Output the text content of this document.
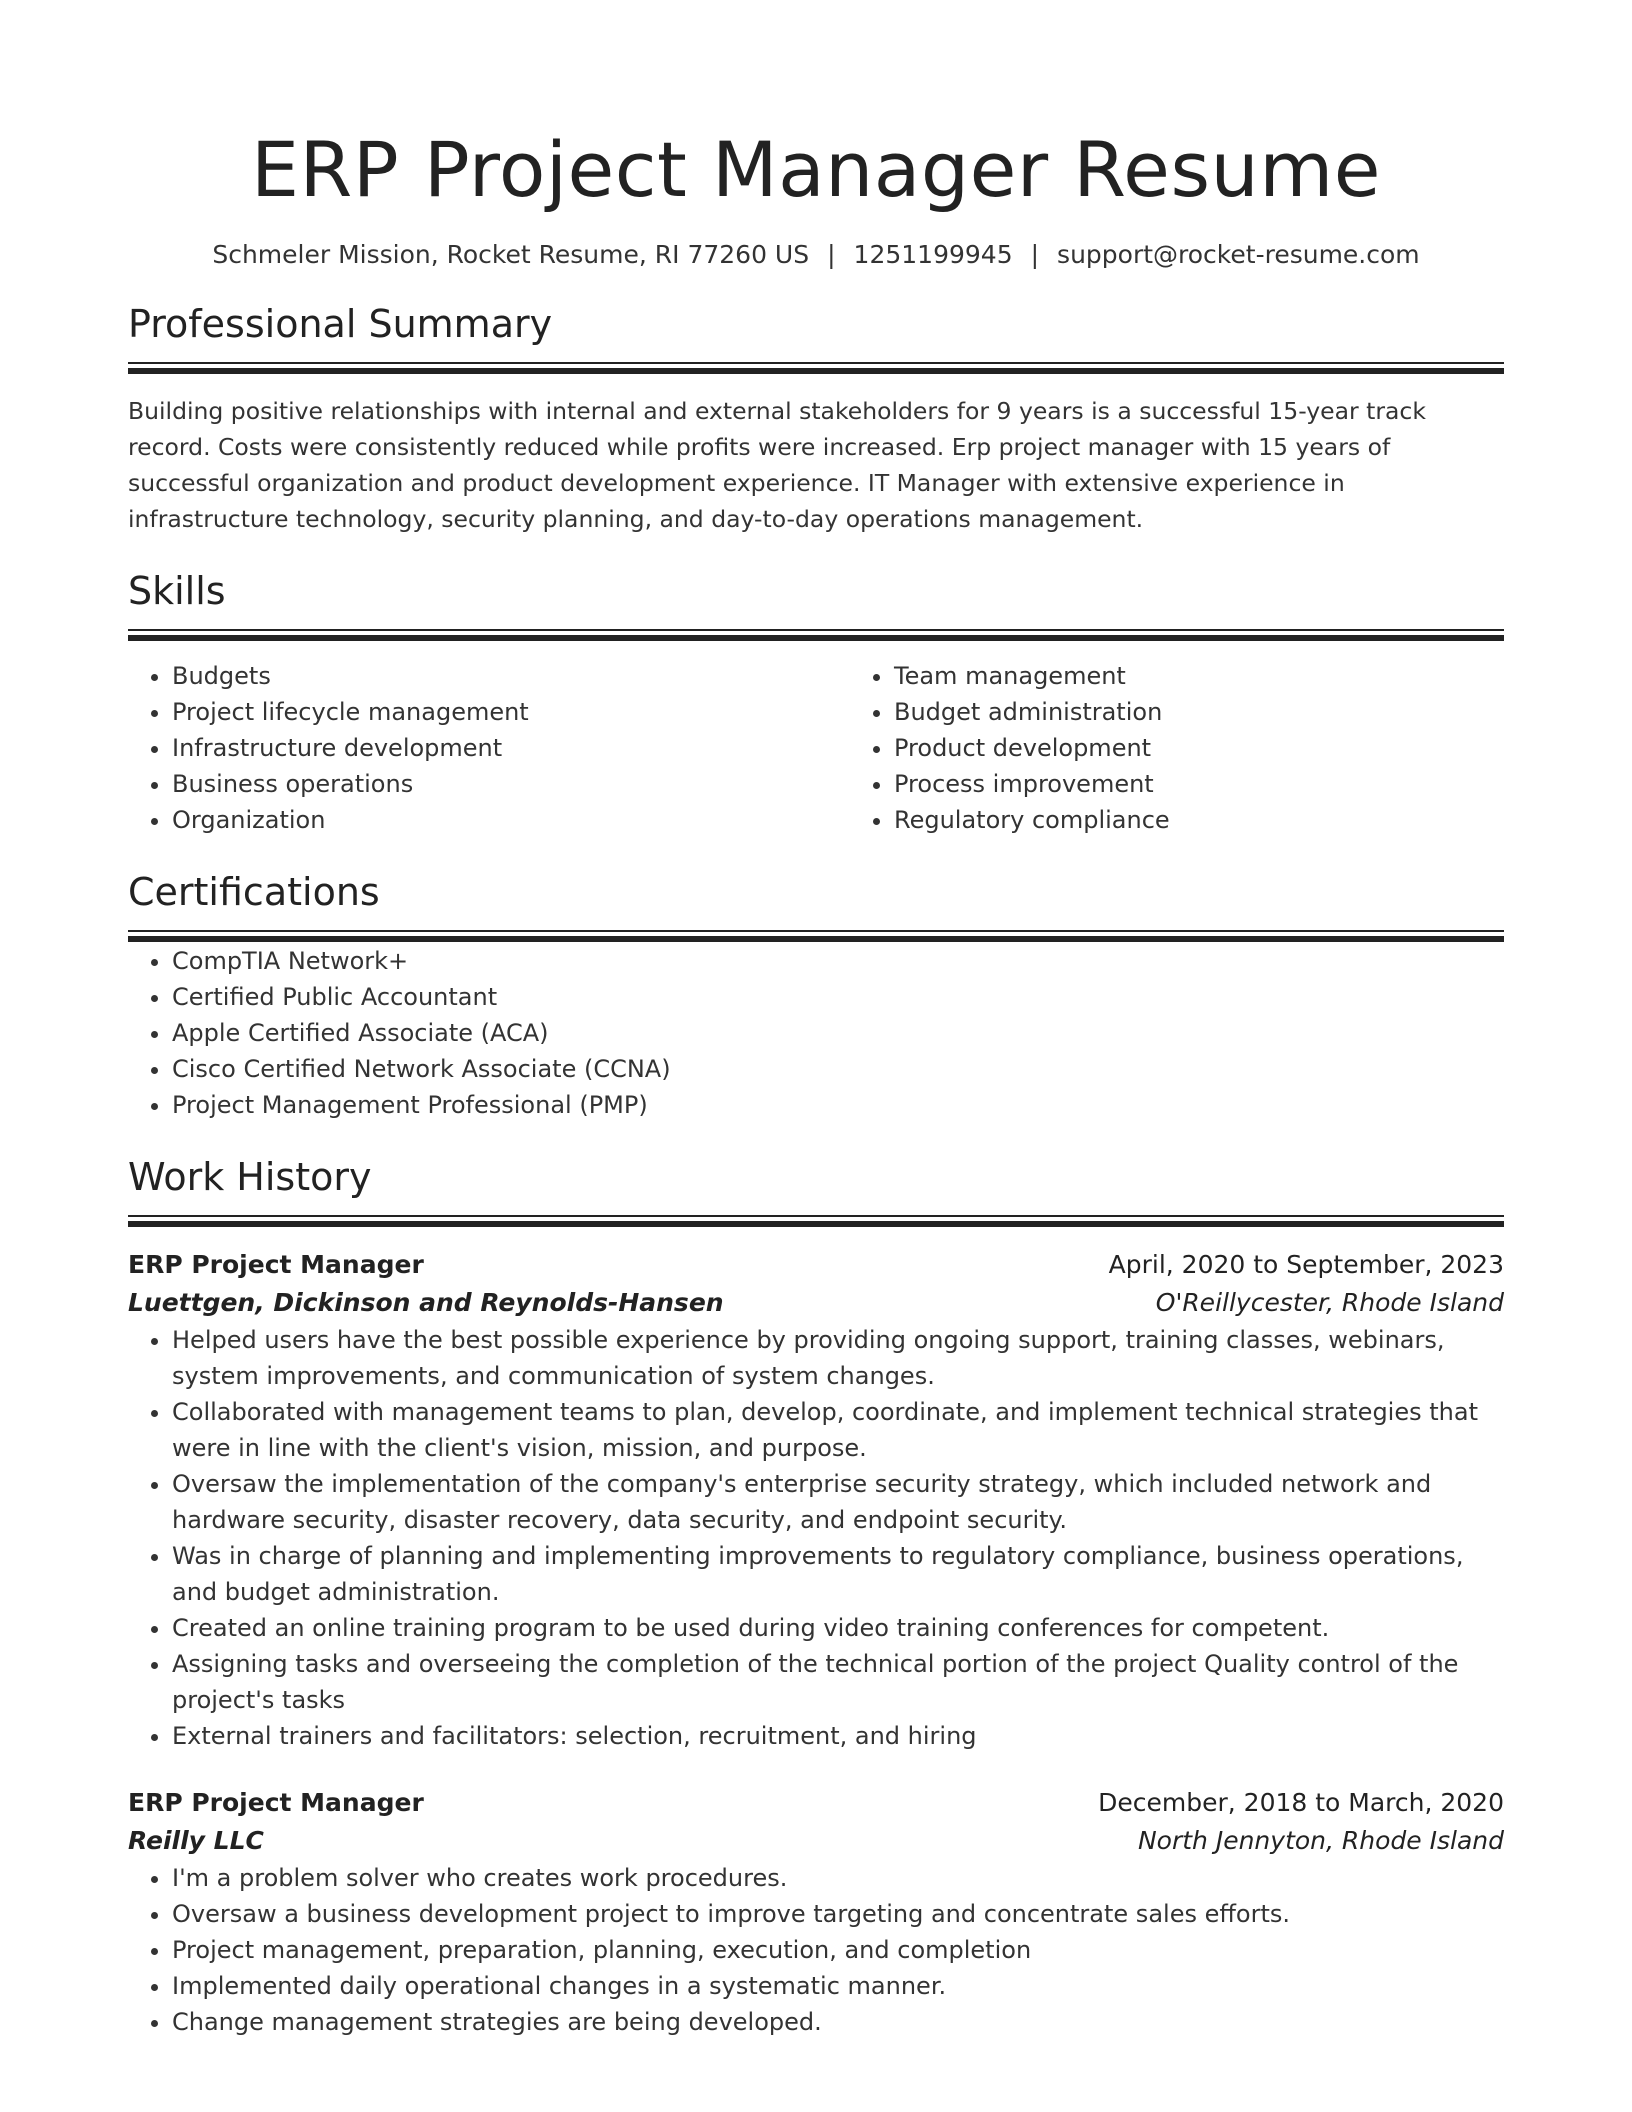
ERP Project Manager Resume
Schmeler Mission, Rocket Resume, RI 77260 US | 1251199945 | support@rocket-resume.com
Professional Summary
Building positive relationships with internal and external stakeholders for 9 years is a successful 15-year track record. Costs were consistently reduced while profits were increased. Erp project manager with 15 years of successful organization and product development experience. IT Manager with extensive experience in infrastructure technology, security planning, and day-to-day operations management.
Skills
• Budgets
• Project lifecycle management
• Infrastructure development
• Business operations
• Organization
• Team management
• Budget administration
• Product development
• Process improvement
• Regulatory compliance
Certifications
• CompTIA Network+
• Certified Public Accountant
• Apple Certified Associate (ACA)
• Cisco Certified Network Associate (CCNA)
• Project Management Professional (PMP)
Work History
ERP Project Manager	April, 2020 to September, 2023
Luettgen, Dickinson and Reynolds-Hansen	O'Reillycester, Rhode Island
• Helped users have the best possible experience by providing ongoing support, training classes, webinars, system improvements, and communication of system changes.
• Collaborated with management teams to plan, develop, coordinate, and implement technical strategies that were in line with the client's vision, mission, and purpose.
• Oversaw the implementation of the company's enterprise security strategy, which included network and hardware security, disaster recovery, data security, and endpoint security.
• Was in charge of planning and implementing improvements to regulatory compliance, business operations, and budget administration.
• Created an online training program to be used during video training conferences for competent.
• Assigning tasks and overseeing the completion of the technical portion of the project Quality control of the project's tasks
• External trainers and facilitators: selection, recruitment, and hiring
ERP Project Manager	December, 2018 to March, 2020
Reilly LLC	North Jennyton, Rhode Island
• I'm a problem solver who creates work procedures.
• Oversaw a business development project to improve targeting and concentrate sales efforts.
• Project management, preparation, planning, execution, and completion
• Implemented daily operational changes in a systematic manner.
• Change management strategies are being developed.
